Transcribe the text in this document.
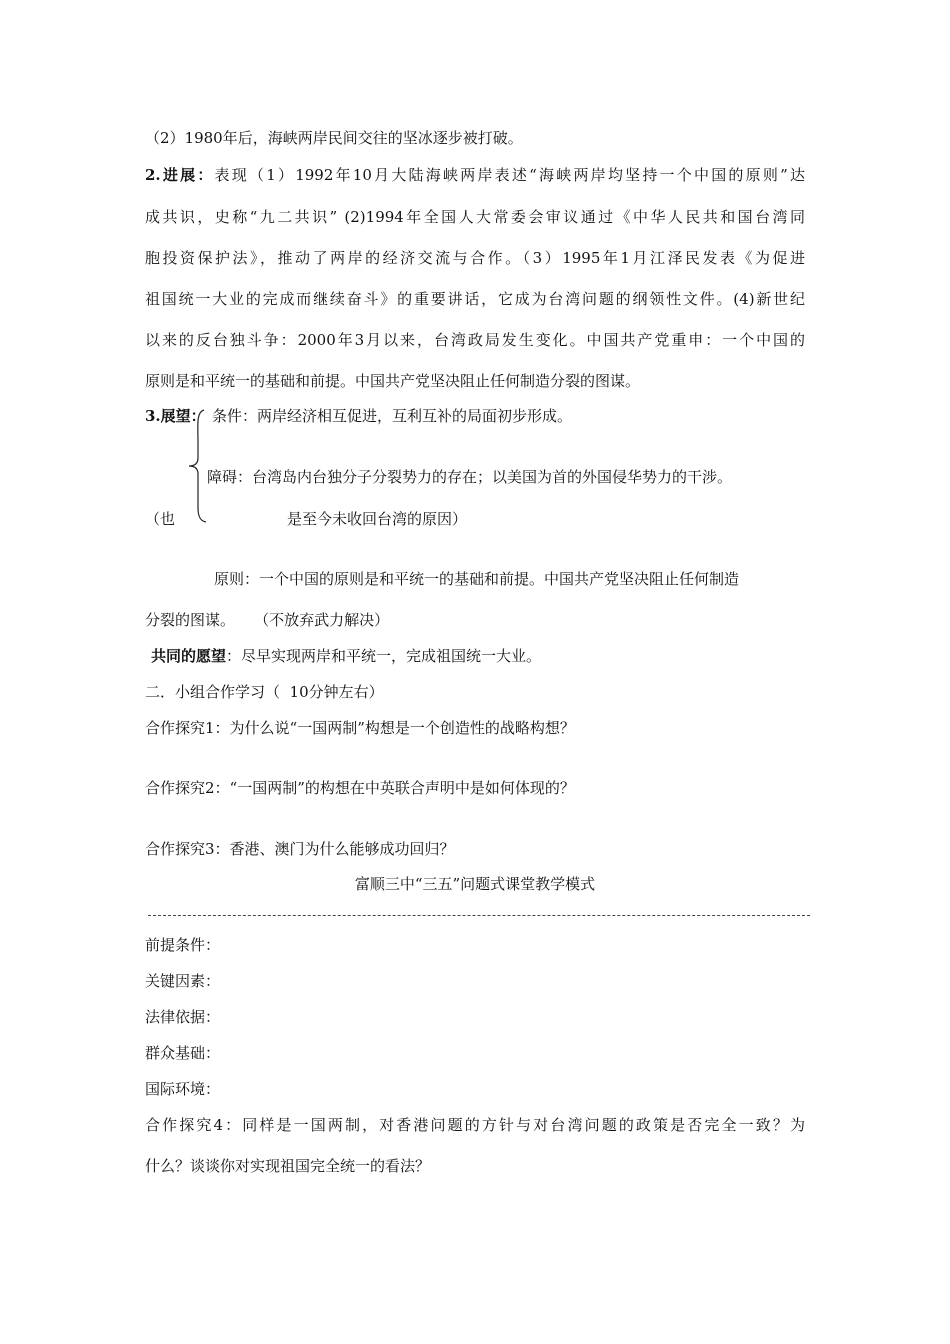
（2）1980年后，海峡两岸民间交往的坚冰逐步被打破。
2.进展：表现（1）1992年10月大陆海峡两岸表述“海峡两岸均坚持一个中国的原则”达
成共识，史称“九二共识” (2)1994年全国人大常委会审议通过《中华人民共和国台湾同
胞投资保护法》，推动了两岸的经济交流与合作。（3）1995年1月江泽民发表《为促进
祖国统一大业的完成而继续奋斗》的重要讲话，它成为台湾问题的纲领性文件。(4)新世纪
以来的反台独斗争：2000年3月以来，台湾政局发生变化。中国共产党重申：一个中国的
原则是和平统一的基础和前提。中国共产党坚决阻止任何制造分裂的图谋。
3.展望： 条件：两岸经济相互促进，互利互补的局面初步形成。
障碍：台湾岛内台独分子分裂势力的存在；以美国为首的外国侵华势力的干涉。
（也	是至今未收回台湾的原因）
原则：一个中国的原则是和平统一的基础和前提。中国共产党坚决阻止任何制造
分裂的图谋。    （不放弃武力解决）
共同的愿望：尽早实现两岸和平统一，完成祖国统一大业。
二．小组合作学习（  10分钟左右）
合作探究1：为什么说“一国两制”构想是一个创造性的战略构想？
合作探究2：“一国两制”的构想在中英联合声明中是如何体现的？
合作探究3：香港、澳门为什么能够成功回归？
富顺三中“三五”问题式课堂教学模式
前提条件：
关键因素：
法律依据：
群众基础：
国际环境：
合作探究4：同样是一国两制，对香港问题的方针与对台湾问题的政策是否完全一致？为
什么？谈谈你对实现祖国完全统一的看法？
